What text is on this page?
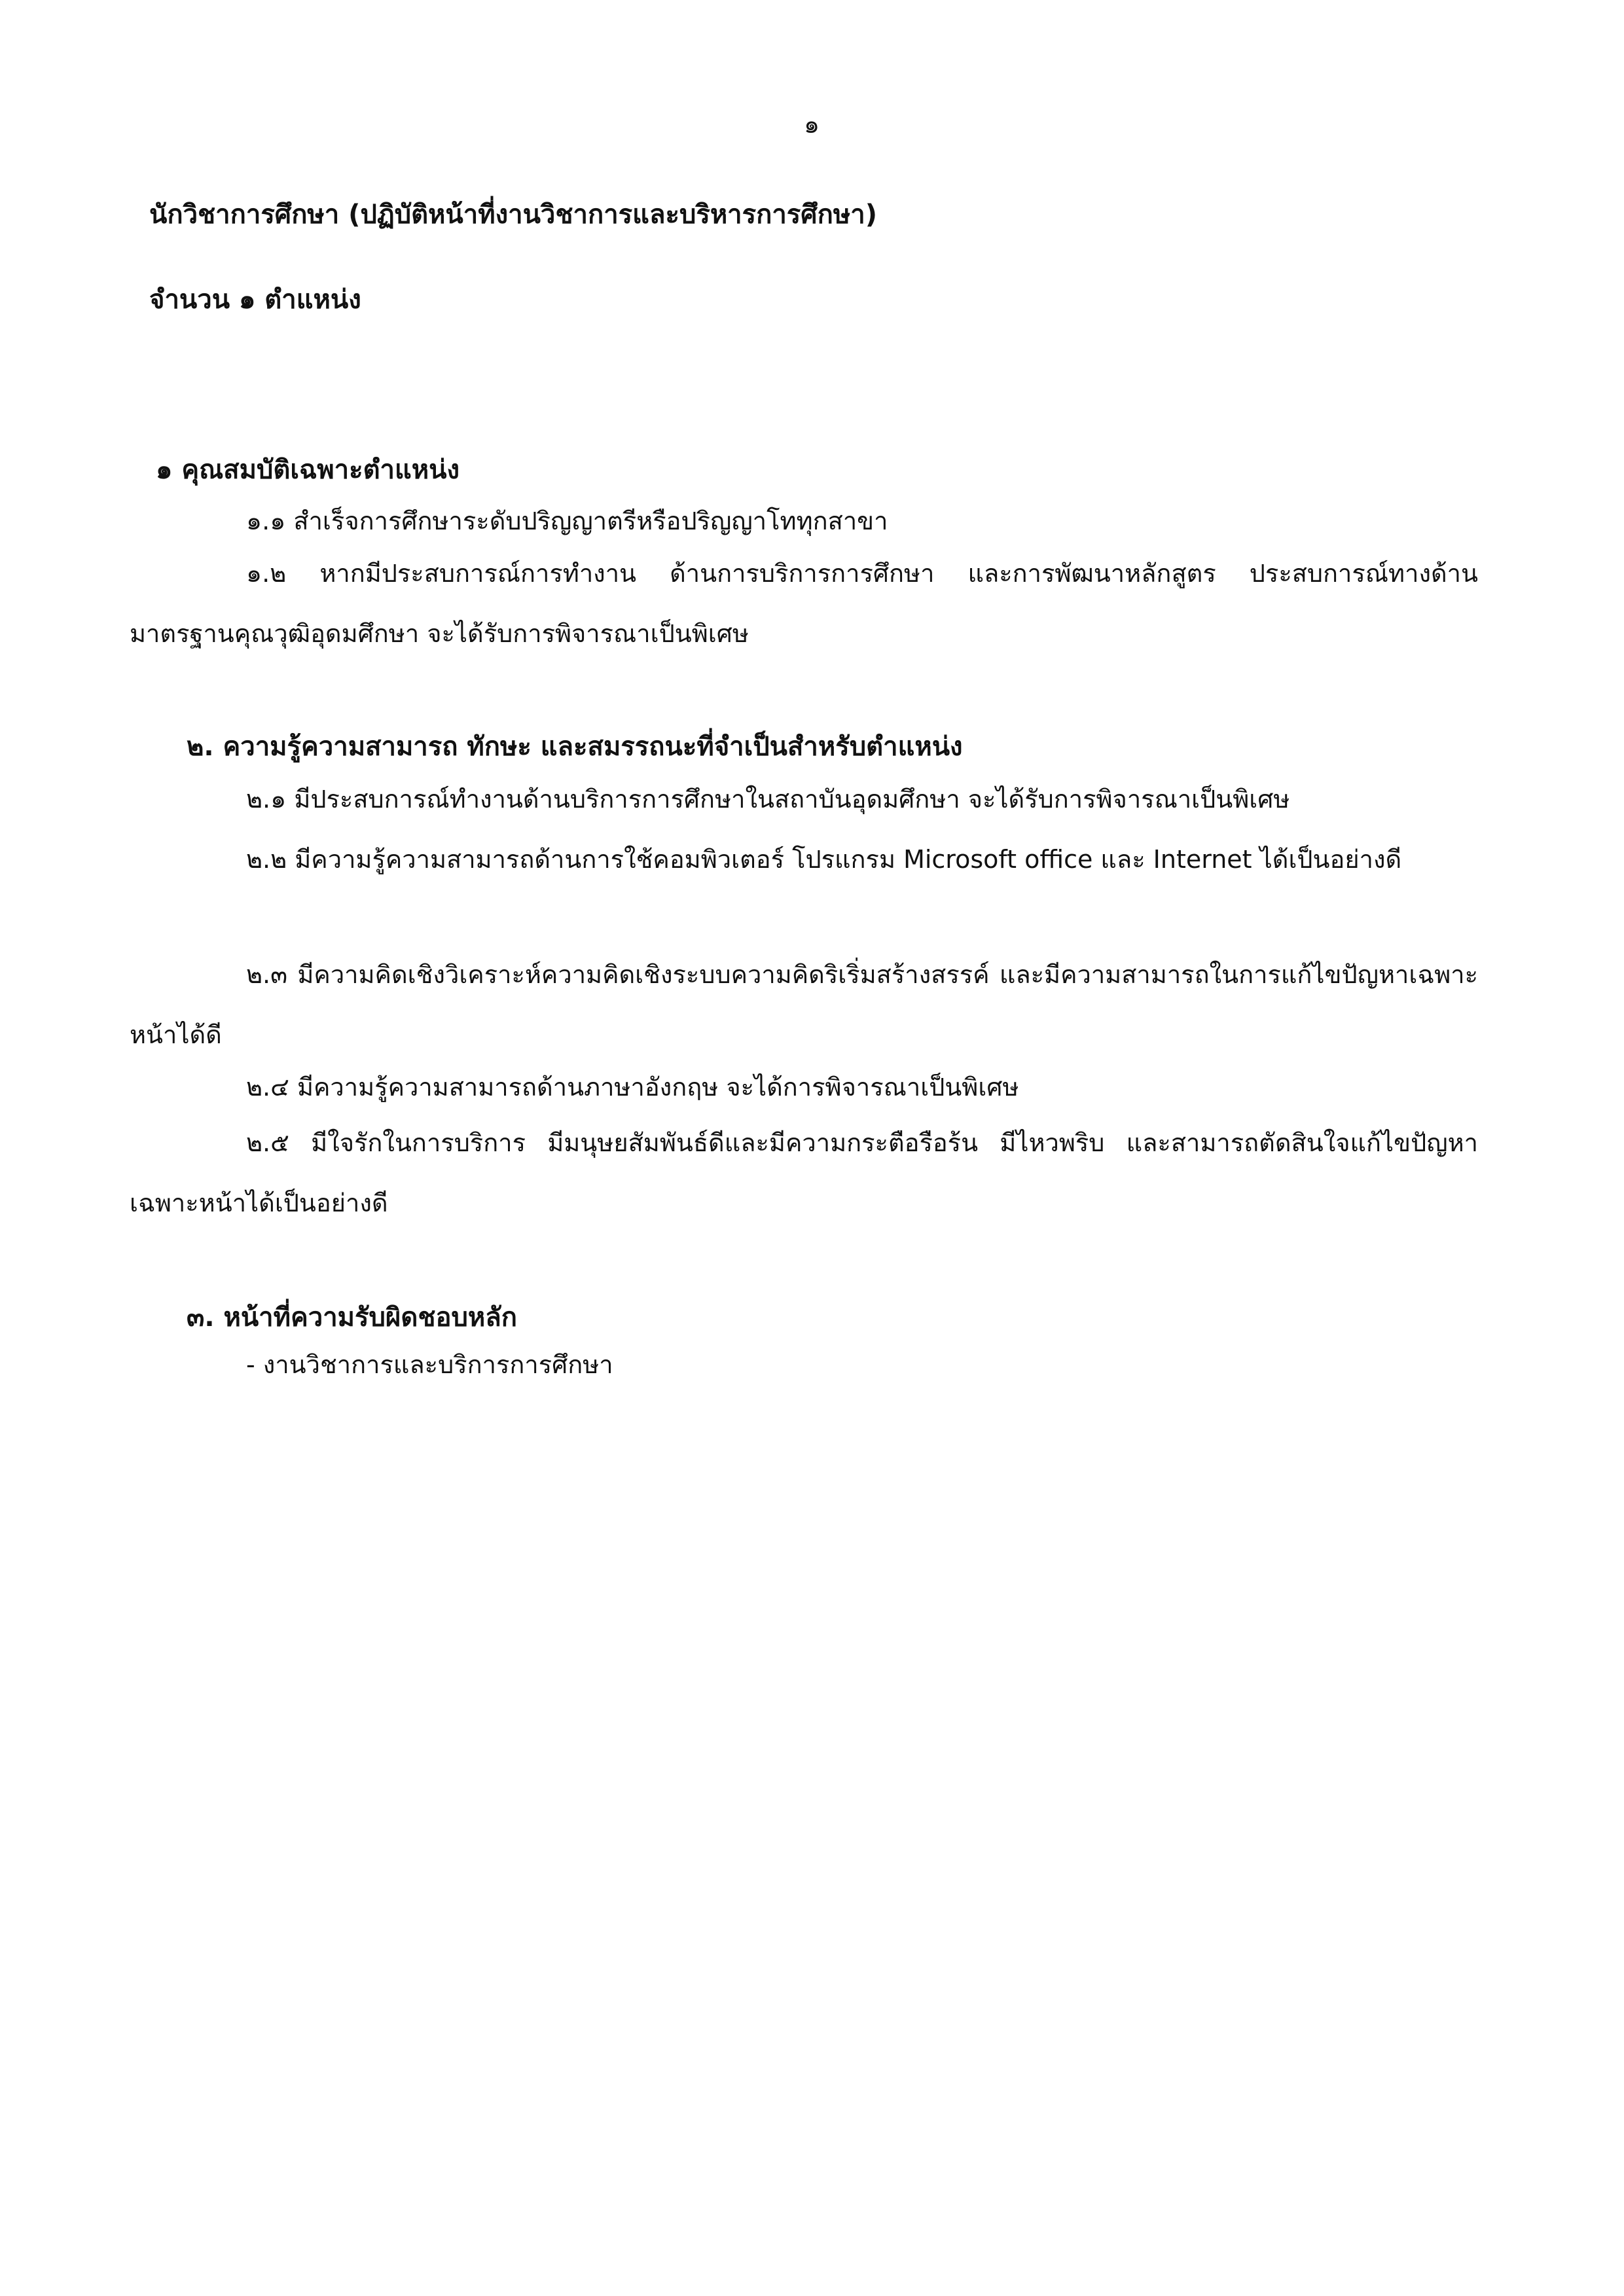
๑
นักวิชาการศึกษา (ปฏิบัติหน้าที่งานวิชาการและบริหารการศึกษา)
จำนวน ๑ ตำแหน่ง
๑ คุณสมบัติเฉพาะตำแหน่ง
๑.๑ สำเร็จการศึกษาระดับปริญญาตรีหรือปริญญาโททุกสาขา
๑.๒ หากมีประสบการณ์การทำงาน ด้านการบริการการศึกษา และการพัฒนาหลักสูตร ประสบการณ์ทางด้านมาตรฐานคุณวุฒิอุดมศึกษา จะได้รับการพิจารณาเป็นพิเศษ
๒. ความรู้ความสามารถ ทักษะ และสมรรถนะที่จำเป็นสำหรับตำแหน่ง
๒.๑ มีประสบการณ์ทำงานด้านบริการการศึกษาในสถาบันอุดมศึกษา จะได้รับการพิจารณาเป็นพิเศษ
๒.๒ มีความรู้ความสามารถด้านการใช้คอมพิวเตอร์ โปรแกรม Microsoft office และ Internet ได้เป็นอย่างดี
๒.๓ มีความคิดเชิงวิเคราะห์ความคิดเชิงระบบความคิดริเริ่มสร้างสรรค์ และมีความสามารถในการแก้ไขปัญหาเฉพาะหน้าได้ดี
๒.๔ มีความรู้ความสามารถด้านภาษาอังกฤษ จะได้การพิจารณาเป็นพิเศษ
๒.๕ มีใจรักในการบริการ มีมนุษยสัมพันธ์ดีและมีความกระตือรือร้น มีไหวพริบ และสามารถตัดสินใจแก้ไขปัญหาเฉพาะหน้าได้เป็นอย่างดี
๓. หน้าที่ความรับผิดชอบหลัก
- งานวิชาการและบริการการศึกษา
